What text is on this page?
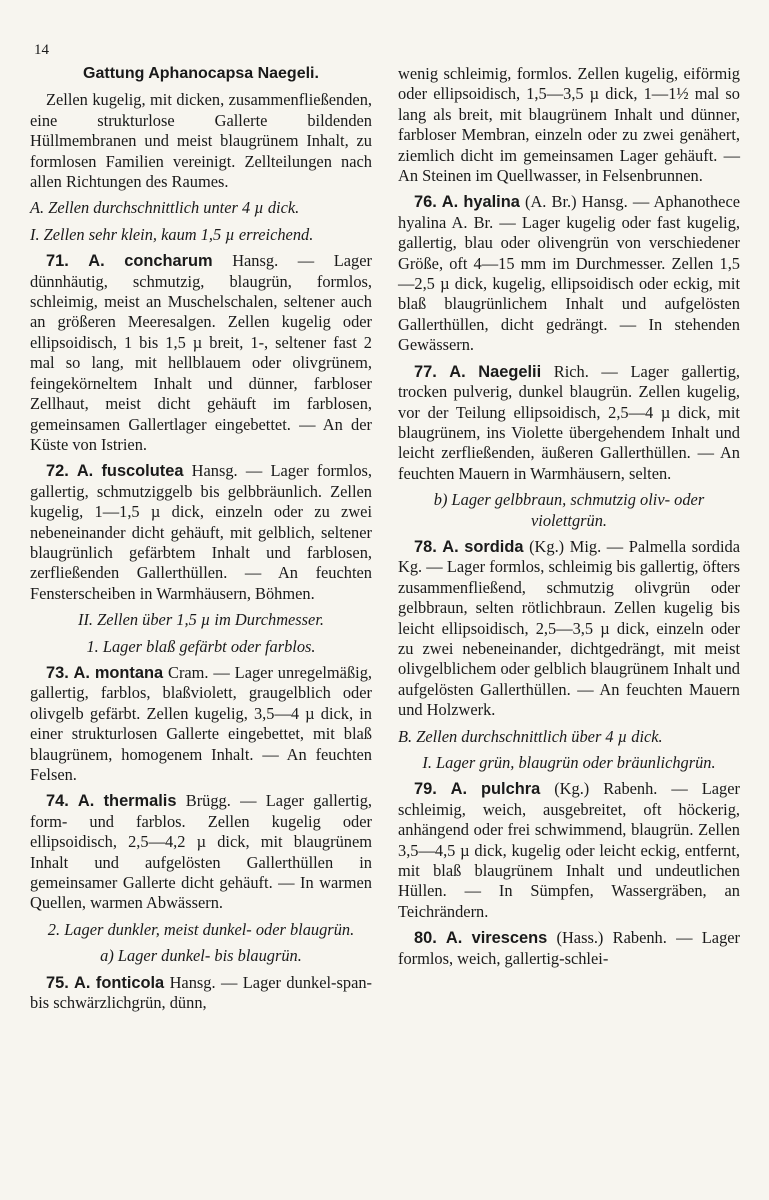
14

Gattung Aphanocapsa Naegeli.

Zellen kugelig, mit dicken, zusammenfließenden, eine strukturlose Gallerte bildenden Hüllmembranen und meist blaugrünem Inhalt, zu formlosen Familien vereinigt. Zellteilungen nach allen Richtungen des Raumes.

A. Zellen durchschnittlich unter 4 µ dick.

I. Zellen sehr klein, kaum 1,5 µ erreichend.

71. A. concharum Hansg. — Lager dünnhäutig, schmutzig, blaugrün, formlos, schleimig, meist an Muschelschalen, seltener auch an größeren Meeresalgen. Zellen kugelig oder ellipsoidisch, 1 bis 1,5 µ breit, 1-, seltener fast 2 mal so lang, mit hellblauem oder olivgrünem, feingekörneltem Inhalt und dünner, farbloser Zellhaut, meist dicht gehäuft im farblosen, gemeinsamen Gallertlager eingebettet. — An der Küste von Istrien.

72. A. fuscolutea Hansg. — Lager formlos, gallertig, schmutziggelb bis gelbbräunlich. Zellen kugelig, 1—1,5 µ dick, einzeln oder zu zwei nebeneinander dicht gehäuft, mit gelblich, seltener blaugrünlich gefärbtem Inhalt und farblosen, zerfließenden Gallerthüllen. — An feuchten Fensterscheiben in Warmhäusern, Böhmen.

II. Zellen über 1,5 µ im Durchmesser.

1. Lager blaß gefärbt oder farblos.

73. A. montana Cram. — Lager unregelmäßig, gallertig, farblos, blaßviolett, graugelblich oder olivgelb gefärbt. Zellen kugelig, 3,5—4 µ dick, in einer strukturlosen Gallerte eingebettet, mit blaß blaugrünem, homogenem Inhalt. — An feuchten Felsen.

74. A. thermalis Brügg. — Lager gallertig, form- und farblos. Zellen kugelig oder ellipsoidisch, 2,5—4,2 µ dick, mit blaugrünem Inhalt und aufgelösten Gallerthüllen in gemeinsamer Gallerte dicht gehäuft. — In warmen Quellen, warmen Abwässern.

2. Lager dunkler, meist dunkel- oder blaugrün.

a) Lager dunkel- bis blaugrün.

75. A. fonticola Hansg. — Lager dunkel-span- bis schwärzlichgrün, dünn,

wenig schleimig, formlos. Zellen kugelig, eiförmig oder ellipsoidisch, 1,5—3,5 µ dick, 1—1½ mal so lang als breit, mit blaugrünem Inhalt und dünner, farbloser Membran, einzeln oder zu zwei genähert, ziemlich dicht im gemeinsamen Lager gehäuft. — An Steinen im Quellwasser, in Felsenbrunnen.

76. A. hyalina (A. Br.) Hansg. — Aphanothece hyalina A. Br. — Lager kugelig oder fast kugelig, gallertig, blau oder olivengrün von verschiedener Größe, oft 4—15 mm im Durchmesser. Zellen 1,5—2,5 µ dick, kugelig, ellipsoidisch oder eckig, mit blaß blaugrünlichem Inhalt und aufgelösten Gallerthüllen, dicht gedrängt. — In stehenden Gewässern.

77. A. Naegelii Rich. — Lager gallertig, trocken pulverig, dunkel blaugrün. Zellen kugelig, vor der Teilung ellipsoidisch, 2,5—4 µ dick, mit blaugrünem, ins Violette übergehendem Inhalt und leicht zerfließenden, äußeren Gallerthüllen. — An feuchten Mauern in Warmhäusern, selten.

b) Lager gelbbraun, schmutzig oliv- oder violettgrün.

78. A. sordida (Kg.) Mig. — Palmella sordida Kg. — Lager formlos, schleimig bis gallertig, öfters zusammenfließend, schmutzig olivgrün oder gelbbraun, selten rötlichbraun. Zellen kugelig bis leicht ellipsoidisch, 2,5—3,5 µ dick, einzeln oder zu zwei nebeneinander, dichtgedrängt, mit meist olivgelblichem oder gelblich blaugrünem Inhalt und aufgelösten Gallerthüllen. — An feuchten Mauern und Holzwerk.

B. Zellen durchschnittlich über 4 µ dick.

I. Lager grün, blaugrün oder bräunlichgrün.

79. A. pulchra (Kg.) Rabenh. — Lager schleimig, weich, ausgebreitet, oft höckerig, anhängend oder frei schwimmend, blaugrün. Zellen 3,5—4,5 µ dick, kugelig oder leicht eckig, entfernt, mit blaß blaugrünem Inhalt und undeutlichen Hüllen. — In Sümpfen, Wassergräben, an Teichrändern.

80. A. virescens (Hass.) Rabenh. — Lager formlos, weich, gallertig-schlei-
